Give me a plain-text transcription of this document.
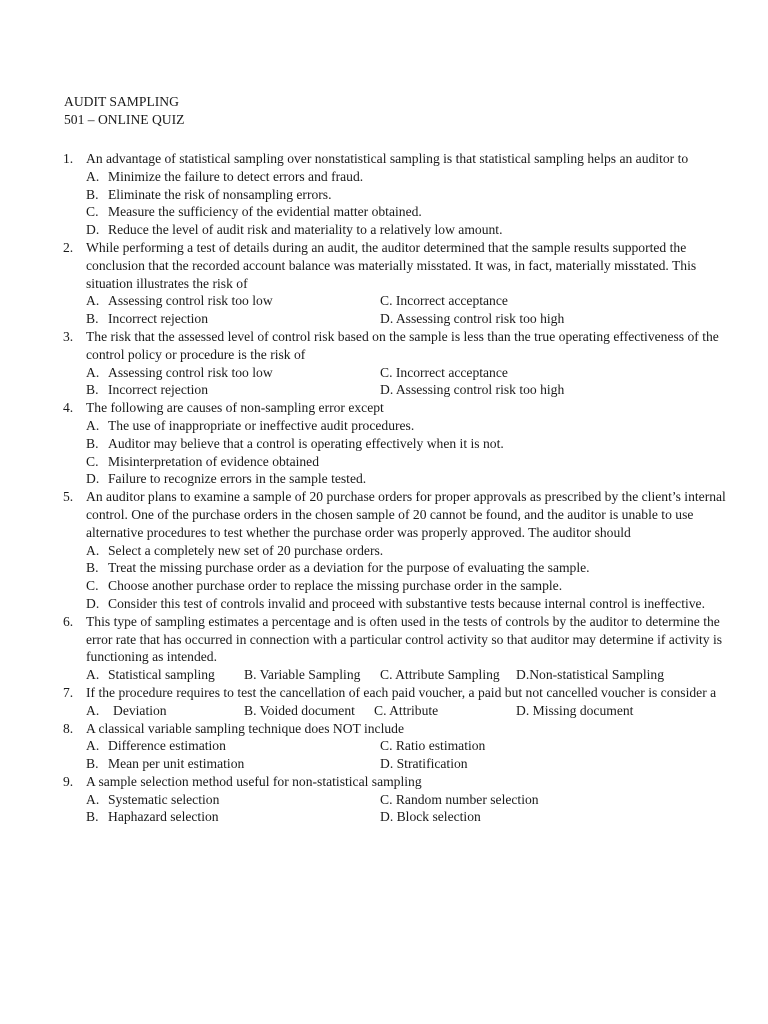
AUDIT SAMPLING
501 – ONLINE QUIZ
1. An advantage of statistical sampling over nonstatistical sampling is that statistical sampling helps an auditor to
A. Minimize the failure to detect errors and fraud.
B. Eliminate the risk of nonsampling errors.
C. Measure the sufficiency of the evidential matter obtained.
D. Reduce the level of audit risk and materiality to a relatively low amount.
2. While performing a test of details during an audit, the auditor determined that the sample results supported the conclusion that the recorded account balance was materially misstated. It was, in fact, materially misstated. This situation illustrates the risk of
A. Assessing control risk too low	C. Incorrect acceptance
B. Incorrect rejection	D. Assessing control risk too high
3. The risk that the assessed level of control risk based on the sample is less than the true operating effectiveness of the control policy or procedure is the risk of
A. Assessing control risk too low	C. Incorrect acceptance
B. Incorrect rejection	D. Assessing control risk too high
4. The following are causes of non-sampling error except
A. The use of inappropriate or ineffective audit procedures.
B. Auditor may believe that a control is operating effectively when it is not.
C. Misinterpretation of evidence obtained
D. Failure to recognize errors in the sample tested.
5. An auditor plans to examine a sample of 20 purchase orders for proper approvals as prescribed by the client’s internal control. One of the purchase orders in the chosen sample of 20 cannot be found, and the auditor is unable to use alternative procedures to test whether the purchase order was properly approved. The auditor should
A. Select a completely new set of 20 purchase orders.
B. Treat the missing purchase order as a deviation for the purpose of evaluating the sample.
C. Choose another purchase order to replace the missing purchase order in the sample.
D. Consider this test of controls invalid and proceed with substantive tests because internal control is ineffective.
6. This type of sampling estimates a percentage and is often used in the tests of controls by the auditor to determine the error rate that has occurred in connection with a particular control activity so that auditor may determine if activity is functioning as intended.
A. Statistical sampling B. Variable Sampling C. Attribute Sampling D.Non-statistical Sampling
7. If the procedure requires to test the cancellation of each paid voucher, a paid but not cancelled voucher is consider a
A. Deviation	B. Voided document C. Attribute	D. Missing document
8. A classical variable sampling technique does NOT include
A. Difference estimation	C. Ratio estimation
B. Mean per unit estimation	D. Stratification
9. A sample selection method useful for non-statistical sampling
A. Systematic selection	C. Random number selection
B. Haphazard selection	D. Block selection
